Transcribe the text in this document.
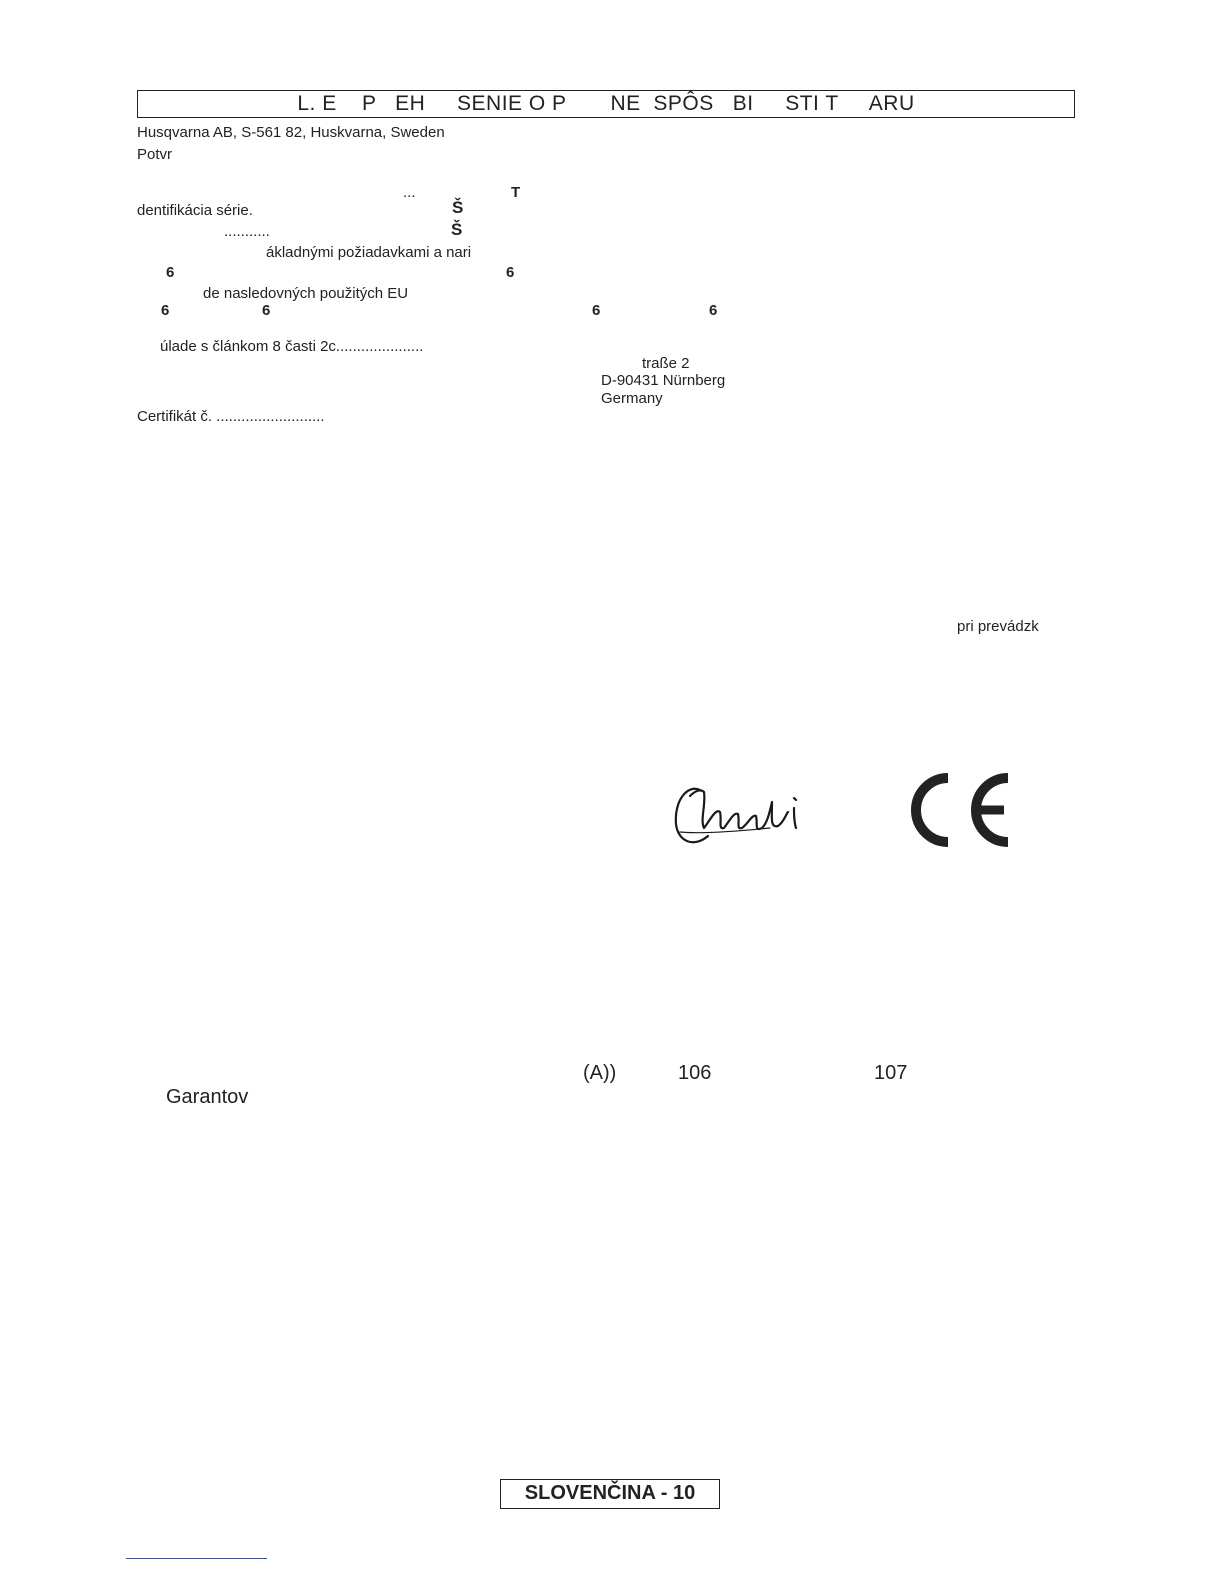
L. E    P   EH     SENIE O P       NE  SPÔS   BI     STI T     ARU
Husqvarna AB, S-561 82, Huskvarna, Sweden
Potvr
...	T
dentifikácia série.	Š
...........	Š
ákladnými požiadavkami a nari
6	6
de nasledovných použitých EU
6	6	6	6
úlade s článkom 8 časti 2c.....................
traße 2
D-90431 Nürnberg
Germany
Certifikát č. ..........................
pri prevádzk
(A))	106	107
Garantov
SLOVENČINA - 10
